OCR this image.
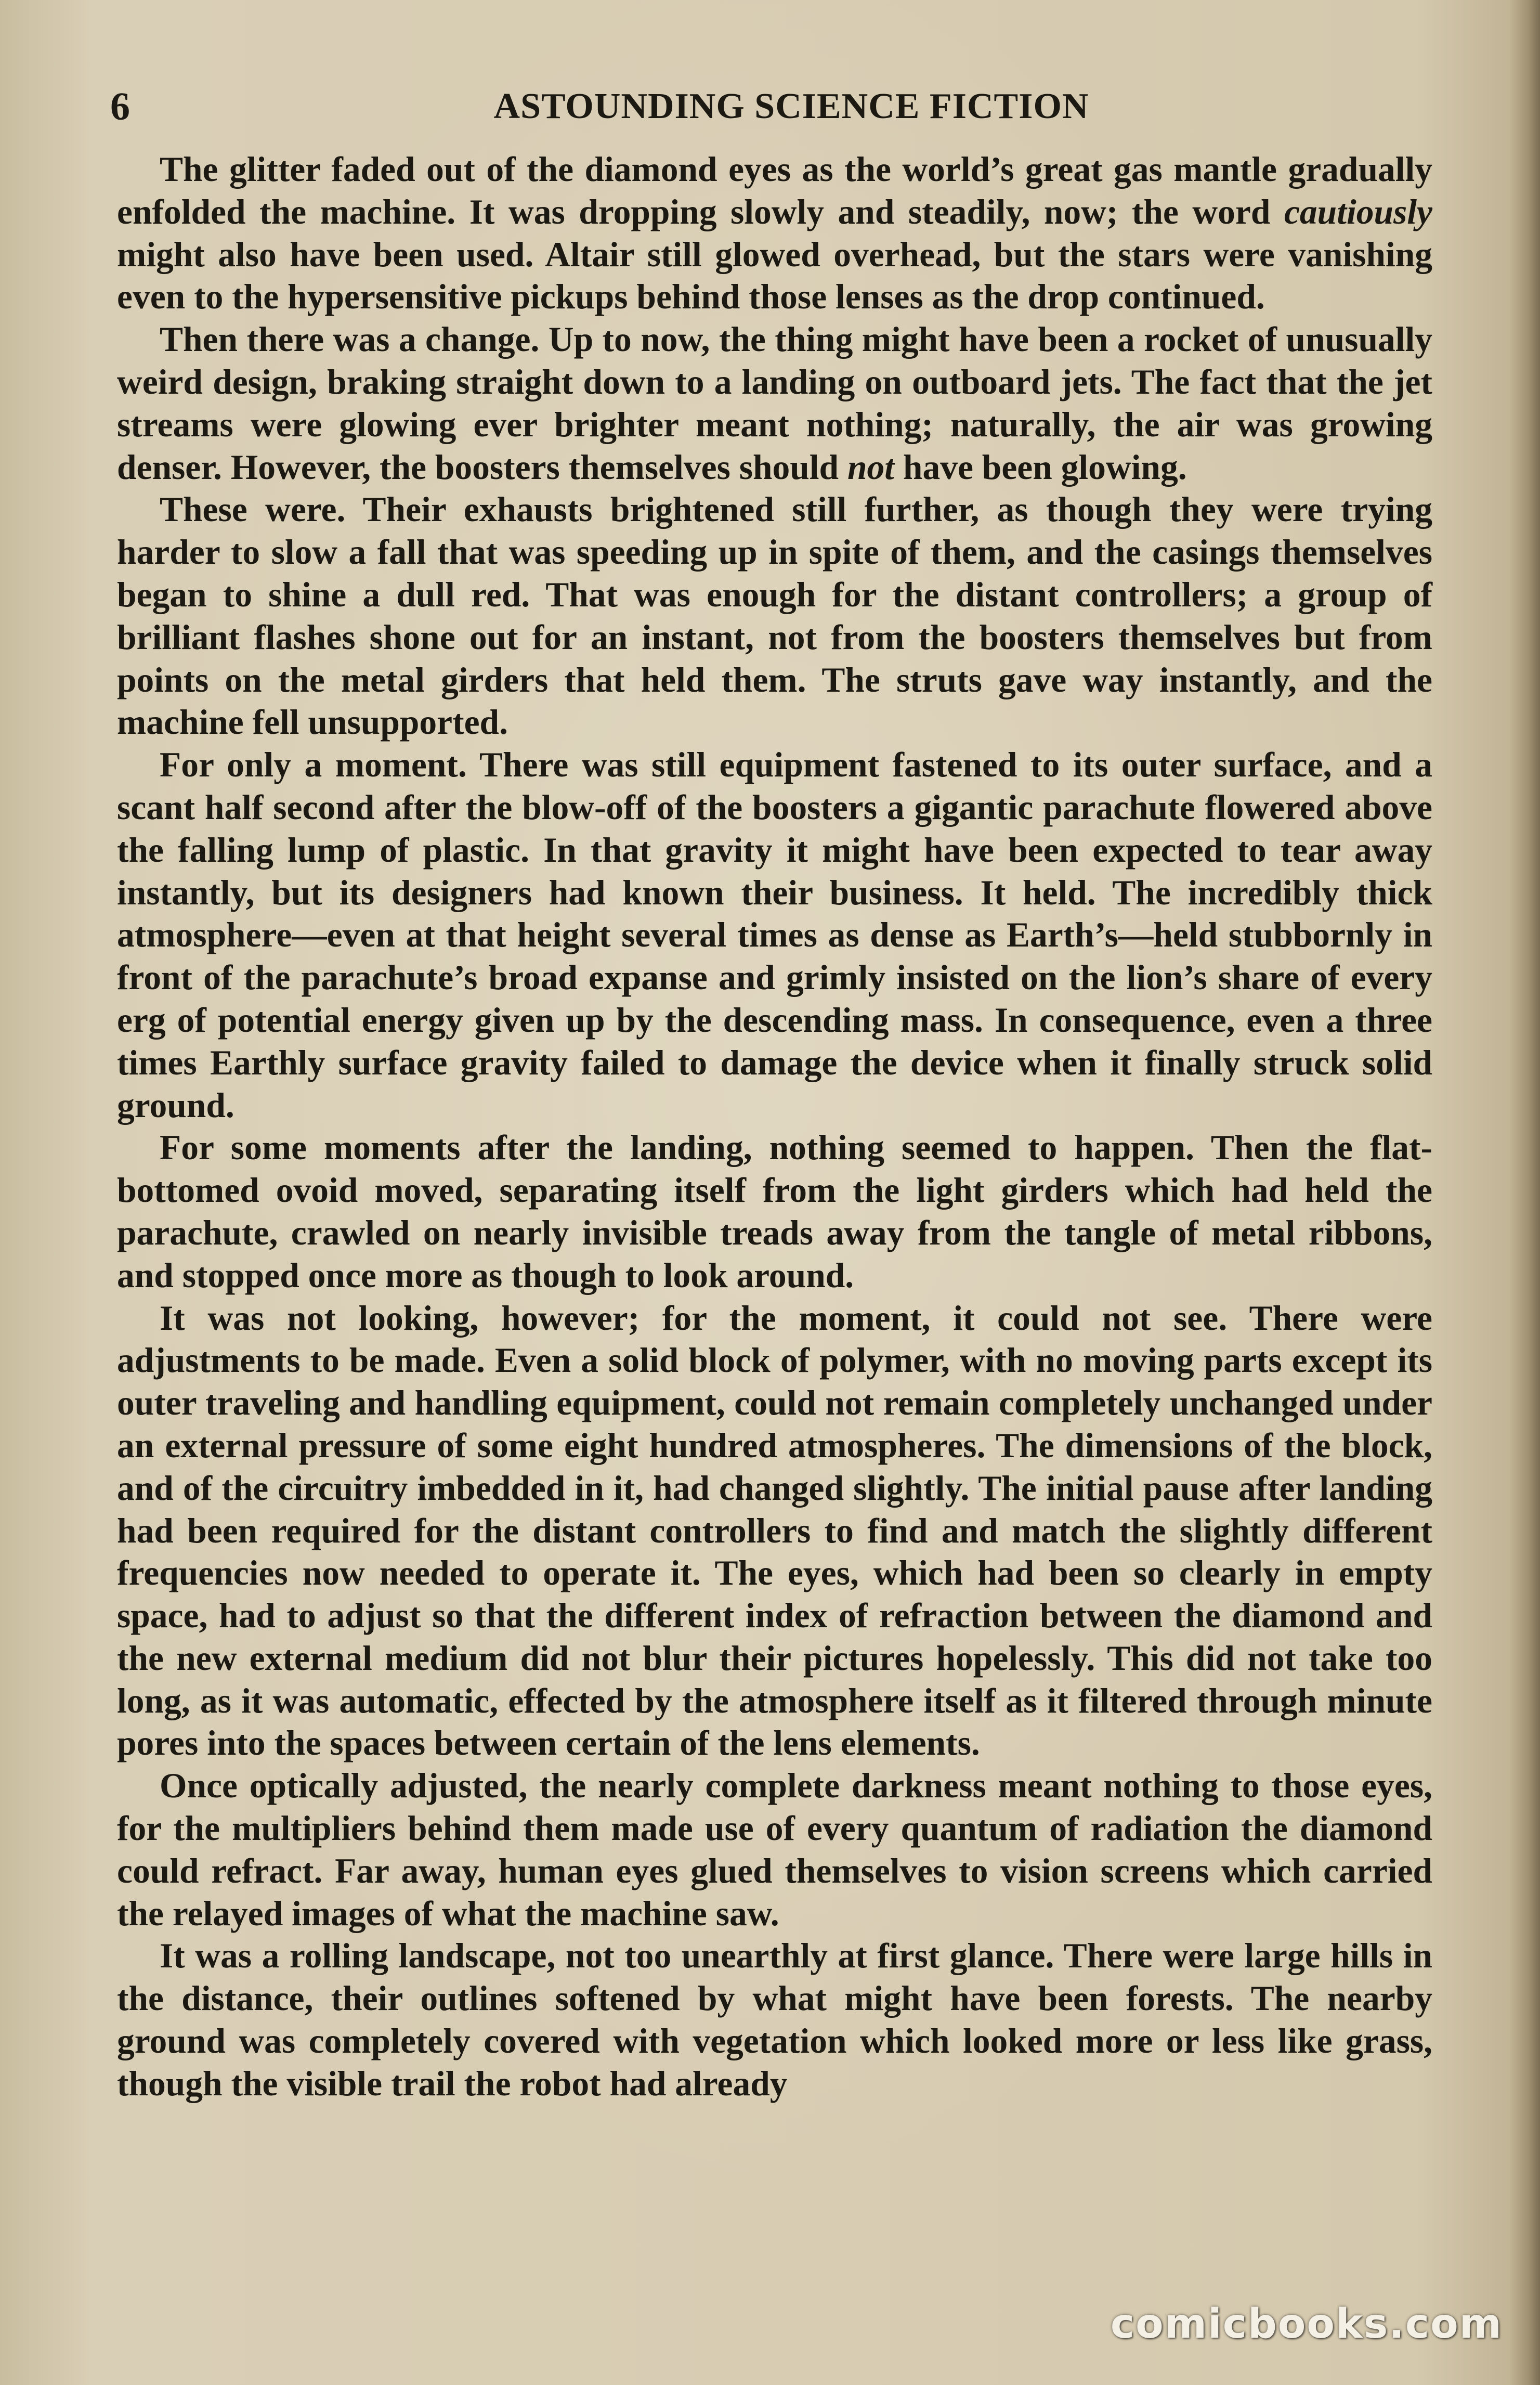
6	ASTOUNDING SCIENCE FICTION

The glitter faded out of the diamond eyes as the world’s great gas mantle gradually enfolded the machine. It was dropping slowly and steadily, now; the word cautiously might also have been used. Altair still glowed overhead, but the stars were vanishing even to the hypersensitive pickups behind those lenses as the drop continued.

Then there was a change. Up to now, the thing might have been a rocket of unusually weird design, braking straight down to a landing on outboard jets. The fact that the jet streams were glowing ever brighter meant nothing; naturally, the air was growing denser. However, the boosters themselves should not have been glowing.

These were. Their exhausts brightened still further, as though they were trying harder to slow a fall that was speeding up in spite of them, and the casings themselves began to shine a dull red. That was enough for the distant controllers; a group of brilliant flashes shone out for an instant, not from the boosters themselves but from points on the metal girders that held them. The struts gave way instantly, and the machine fell unsupported.

For only a moment. There was still equipment fastened to its outer surface, and a scant half second after the blow-off of the boosters a gigantic parachute flowered above the falling lump of plastic. In that gravity it might have been expected to tear away instantly, but its designers had known their business. It held. The incredibly thick atmosphere—even at that height several times as dense as Earth’s—held stubbornly in front of the parachute’s broad expanse and grimly insisted on the lion’s share of every erg of potential energy given up by the descending mass. In consequence, even a three times Earthly surface gravity failed to damage the device when it finally struck solid ground.

For some moments after the landing, nothing seemed to happen. Then the flat-bottomed ovoid moved, separating itself from the light girders which had held the parachute, crawled on nearly invisible treads away from the tangle of metal ribbons, and stopped once more as though to look around.

It was not looking, however; for the moment, it could not see. There were adjustments to be made. Even a solid block of polymer, with no moving parts except its outer traveling and handling equipment, could not remain completely unchanged under an external pressure of some eight hundred atmospheres. The dimensions of the block, and of the circuitry imbedded in it, had changed slightly. The initial pause after landing had been required for the distant controllers to find and match the slightly different frequencies now needed to operate it. The eyes, which had been so clearly in empty space, had to adjust so that the different index of refraction between the diamond and the new external medium did not blur their pictures hopelessly. This did not take too long, as it was automatic, effected by the atmosphere itself as it filtered through minute pores into the spaces between certain of the lens elements.

Once optically adjusted, the nearly complete darkness meant nothing to those eyes, for the multipliers behind them made use of every quantum of radiation the diamond could refract. Far away, human eyes glued themselves to vision screens which carried the relayed images of what the machine saw.

It was a rolling landscape, not too unearthly at first glance. There were large hills in the distance, their outlines softened by what might have been forests. The nearby ground was completely covered with vegetation which looked more or less like grass, though the visible trail the robot had already

comicbooks.com
